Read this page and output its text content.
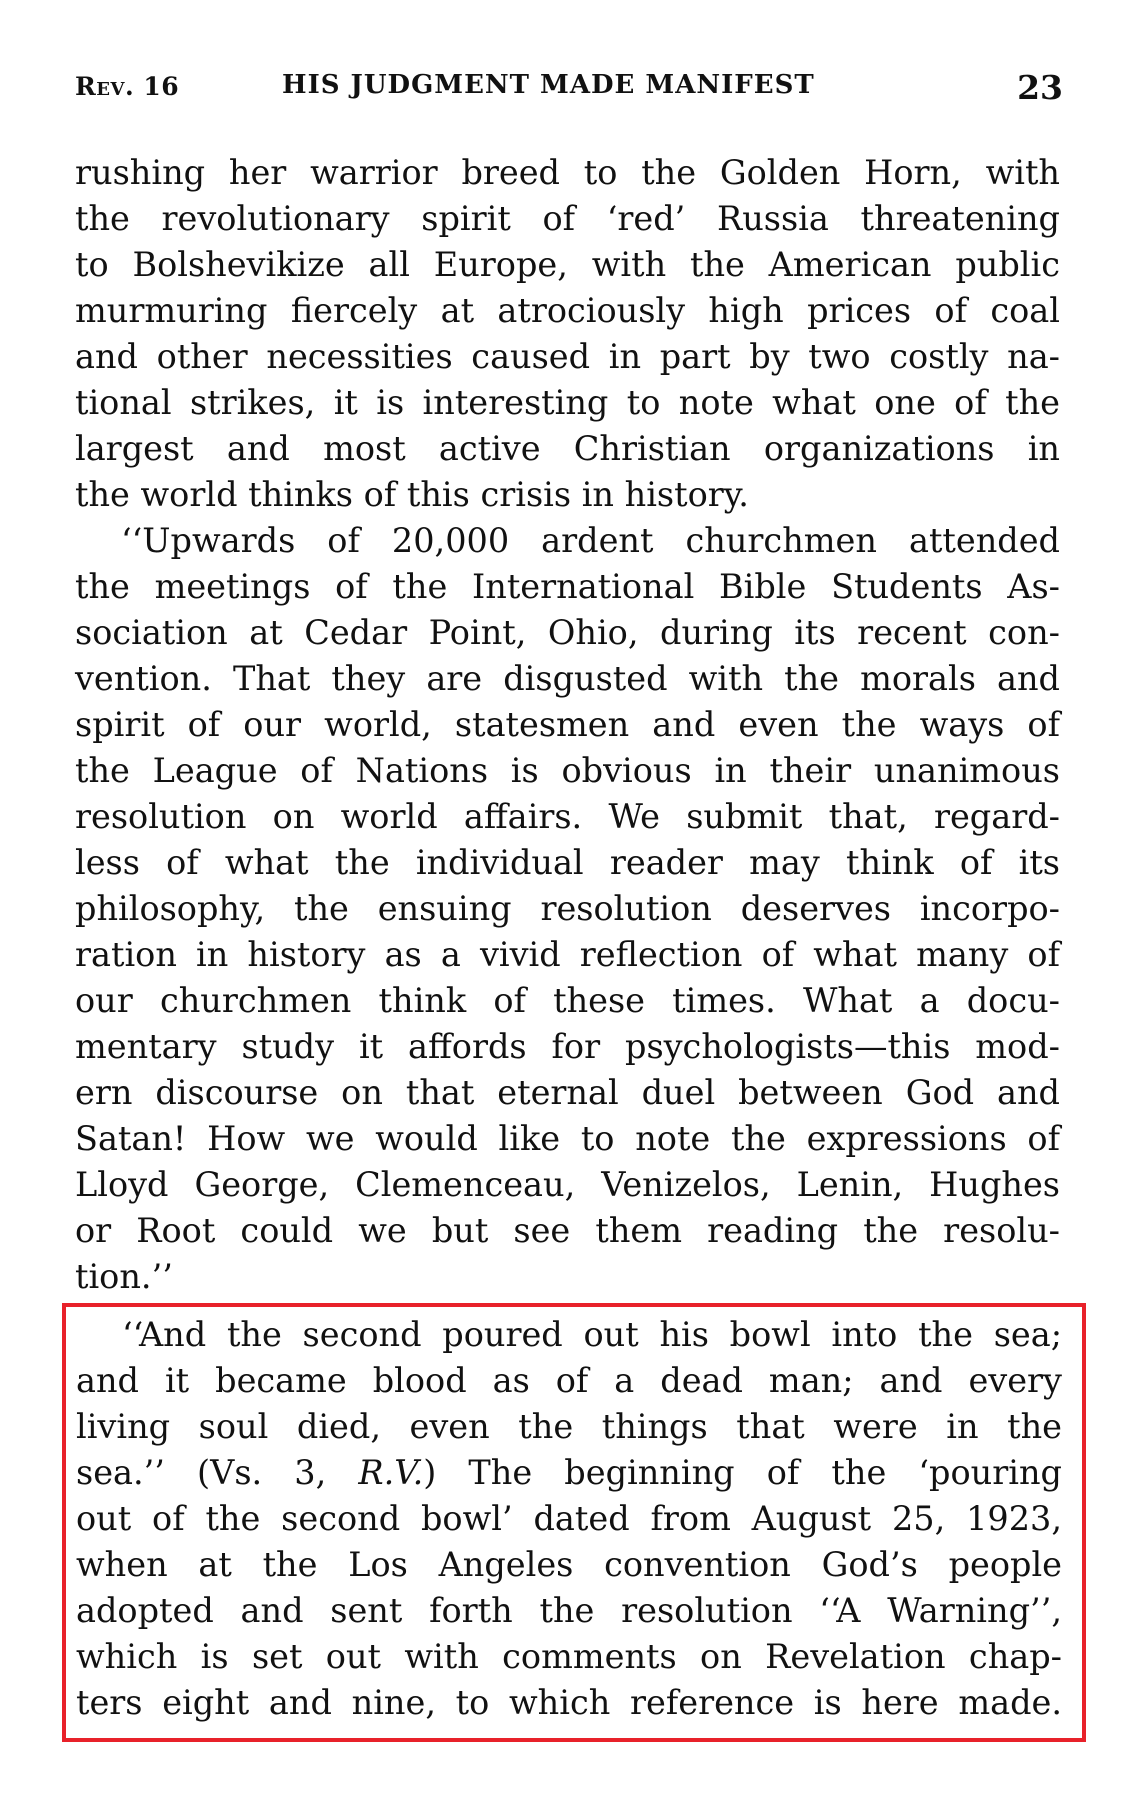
Rev. 16	HIS JUDGMENT MADE MANIFEST	23
rushing her warrior breed to the Golden Horn, with
the revolutionary spirit of ‘red’ Russia threatening
to Bolshevikize all Europe, with the American public
murmuring fiercely at atrociously high prices of coal
and other necessities caused in part by two costly na-
tional strikes, it is interesting to note what one of the
largest and most active Christian organizations in
the world thinks of this crisis in history.
‘‘Upwards of 20,000 ardent churchmen attended
the meetings of the International Bible Students As-
sociation at Cedar Point, Ohio, during its recent con-
vention. That they are disgusted with the morals and
spirit of our world, statesmen and even the ways of
the League of Nations is obvious in their unanimous
resolution on world affairs. We submit that, regard-
less of what the individual reader may think of its
philosophy, the ensuing resolution deserves incorpo-
ration in history as a vivid reflection of what many of
our churchmen think of these times. What a docu-
mentary study it affords for psychologists—this mod-
ern discourse on that eternal duel between God and
Satan! How we would like to note the expressions of
Lloyd George, Clemenceau, Venizelos, Lenin, Hughes
or Root could we but see them reading the resolu-
tion.’’
‘‘And the second poured out his bowl into the sea;
and it became blood as of a dead man; and every
living soul died, even the things that were in the
sea.’’ (Vs. 3, R.V.) The beginning of the ‘pouring
out of the second bowl’ dated from August 25, 1923,
when at the Los Angeles convention God’s people
adopted and sent forth the resolution ‘‘A Warning’’,
which is set out with comments on Revelation chap-
ters eight and nine, to which reference is here made.
